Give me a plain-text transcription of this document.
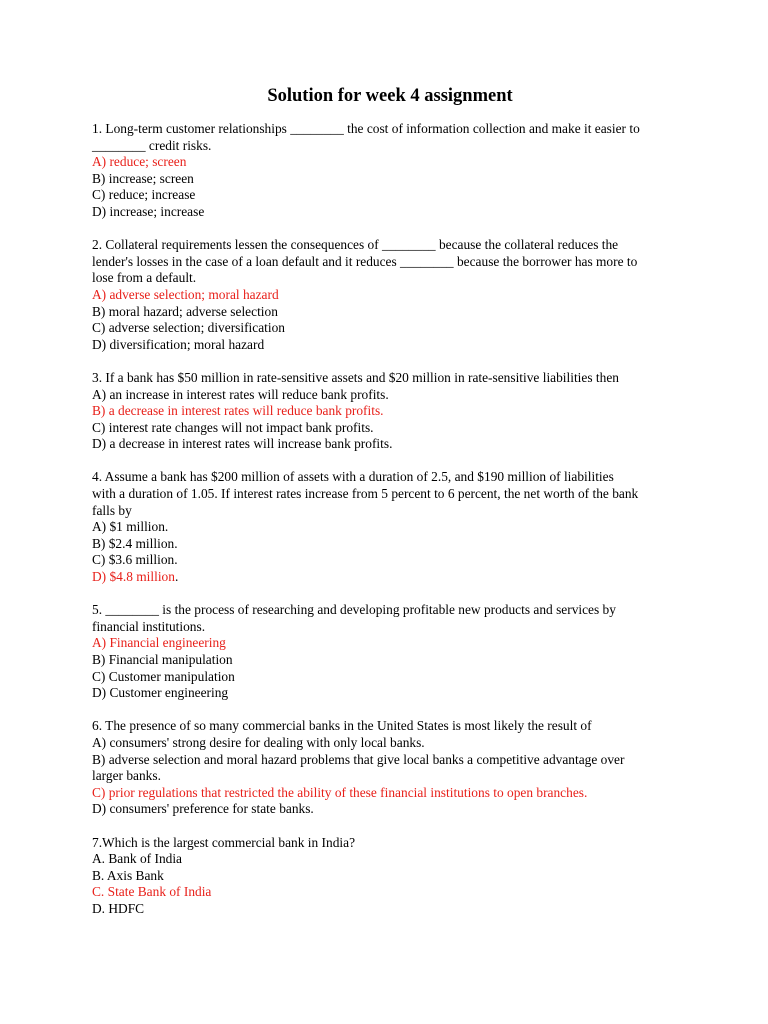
Solution for week 4 assignment
1. Long-term customer relationships ________ the cost of information collection and make it easier to
________ credit risks.
A) reduce; screen
B) increase; screen
C) reduce; increase
D) increase; increase
2. Collateral requirements lessen the consequences of ________ because the collateral reduces the
lender's losses in the case of a loan default and it reduces ________ because the borrower has more to
lose from a default.
A) adverse selection; moral hazard
B) moral hazard; adverse selection
C) adverse selection; diversification
D) diversification; moral hazard
3. If a bank has $50 million in rate-sensitive assets and $20 million in rate-sensitive liabilities then
A) an increase in interest rates will reduce bank profits.
B) a decrease in interest rates will reduce bank profits.
C) interest rate changes will not impact bank profits.
D) a decrease in interest rates will increase bank profits.
4. Assume a bank has $200 million of assets with a duration of 2.5, and $190 million of liabilities
with a duration of 1.05. If interest rates increase from 5 percent to 6 percent, the net worth of the bank
falls by
A) $1 million.
B) $2.4 million.
C) $3.6 million.
D) $4.8 million.
5. ________ is the process of researching and developing profitable new products and services by
financial institutions.
A) Financial engineering
B) Financial manipulation
C) Customer manipulation
D) Customer engineering
6. The presence of so many commercial banks in the United States is most likely the result of
A) consumers' strong desire for dealing with only local banks.
B) adverse selection and moral hazard problems that give local banks a competitive advantage over
larger banks.
C) prior regulations that restricted the ability of these financial institutions to open branches.
D) consumers' preference for state banks.
7.Which is the largest commercial bank in India?
A. Bank of India
B. Axis Bank
C. State Bank of India
D. HDFC
